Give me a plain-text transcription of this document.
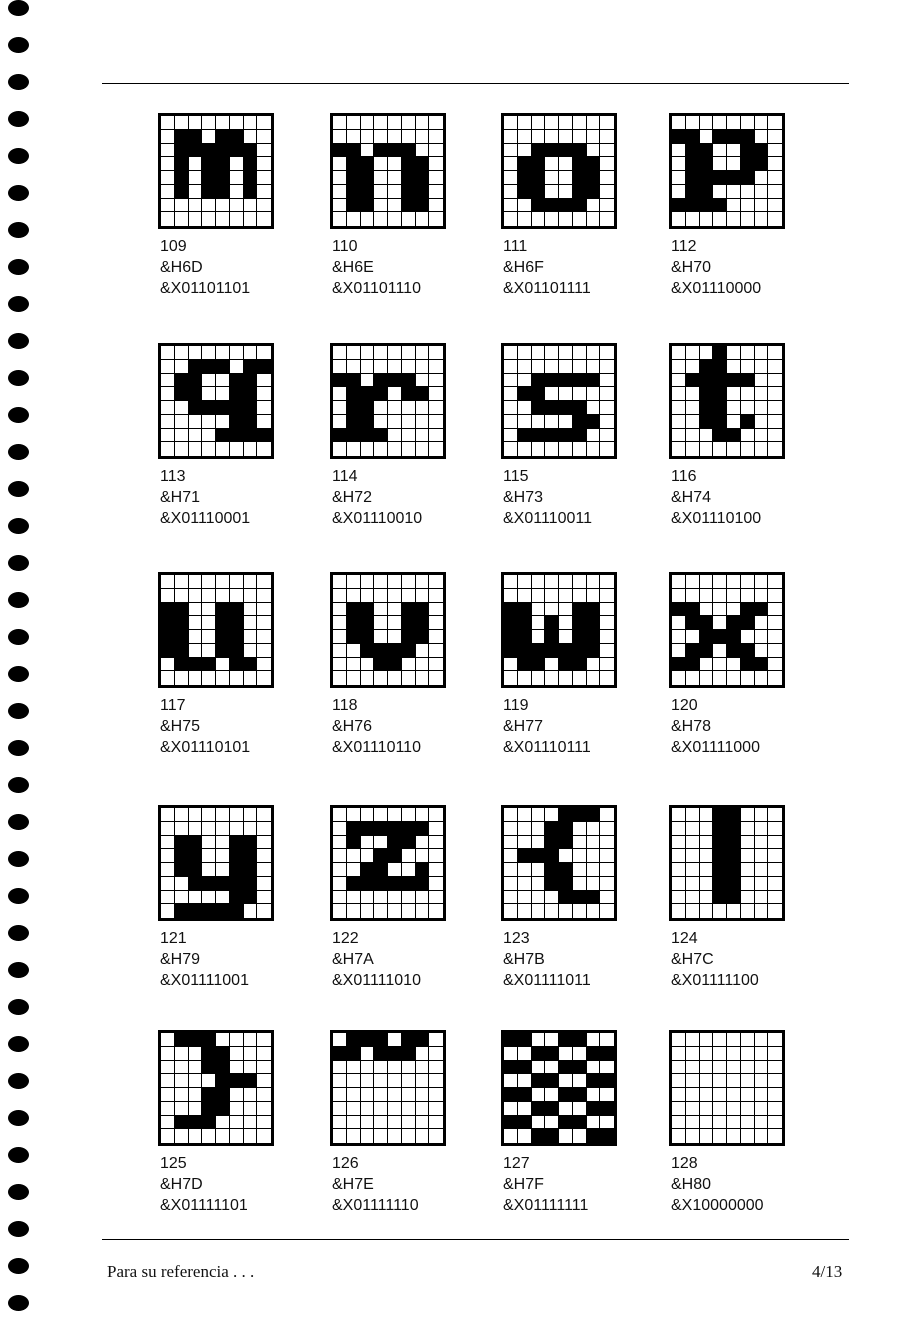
109
&H6D
&X01101101
110
&H6E
&X01101110
111
&H6F
&X01101111
112
&H70
&X01110000
113
&H71
&X01110001
114
&H72
&X01110010
115
&H73
&X01110011
116
&H74
&X01110100
117
&H75
&X01110101
118
&H76
&X01110110
119
&H77
&X01110111
120
&H78
&X01111000
121
&H79
&X01111001
122
&H7A
&X01111010
123
&H7B
&X01111011
124
&H7C
&X01111100
125
&H7D
&X01111101
126
&H7E
&X01111110
127
&H7F
&X01111111
128
&H80
&X10000000
Para su referencia . . .	4/13
